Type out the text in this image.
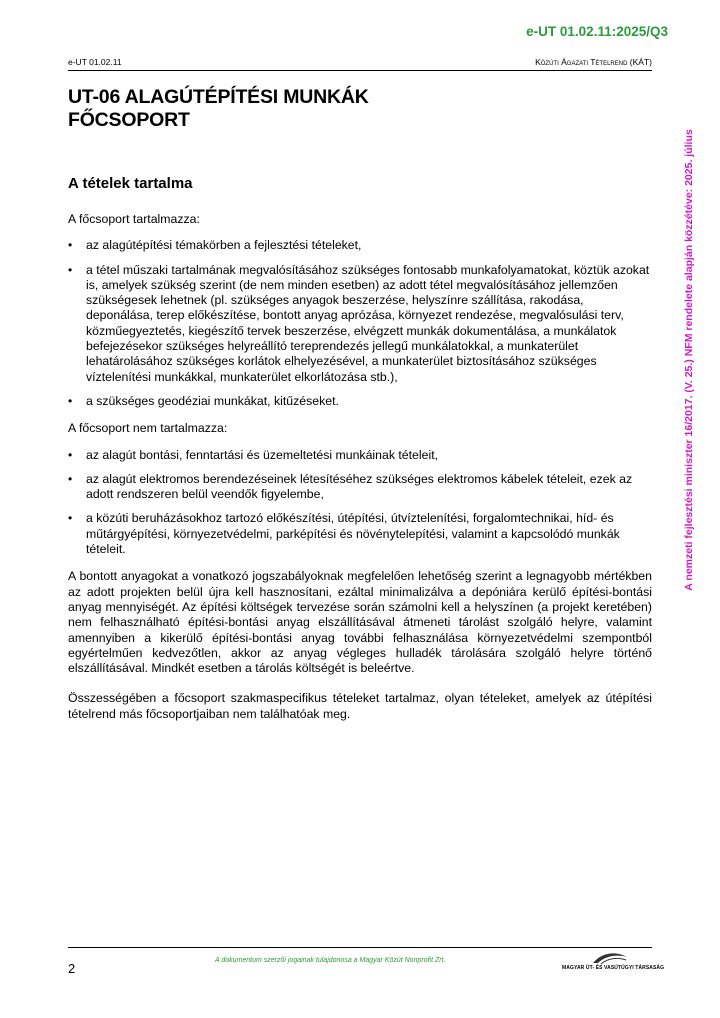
e-UT 01.02.11:2025/Q3
e-UT 01.02.11	Közúti Ágazati Tételrend (KÁT)
UT-06 ALAGÚTÉPÍTÉSI MUNKÁK
FŐCSOPORT
A tételek tartalma

A főcsoport tartalmazza:

• az alagútépítési témakörben a fejlesztési tételeket,
• a tétel műszaki tartalmának megvalósításához szükséges fontosabb munkafolyamatokat, köztük azokat is, amelyek szükség szerint (de nem minden esetben) az adott tétel megvalósításához jellemzően szükségesek lehetnek (pl. szükséges anyagok beszerzése, helyszínre szállítása, rakodása, deponálása, terep előkészítése, bontott anyag aprózása, környezet rendezése, megvalósulási terv, közműegyeztetés, kiegészítő tervek beszerzése, elvégzett munkák dokumentálása, a munkálatok befejezésekor szükséges helyreállító tereprendezés jellegű munkálatokkal, a munkaterület lehatárolásához szükséges korlátok elhelyezésével, a munkaterület biztosításához szükséges víztelenítési munkákkal, munkaterület elkorlátozása stb.),
• a szükséges geodéziai munkákat, kitűzéseket.

A főcsoport nem tartalmazza:

• az alagút bontási, fenntartási és üzemeltetési munkáinak tételeit,
• az alagút elektromos berendezéseinek létesítéséhez szükséges elektromos kábelek tételeit, ezek az adott rendszeren belül veendők figyelembe,
• a közúti beruházásokhoz tartozó előkészítési, útépítési, útvíztelenítési, forgalomtechnikai, híd- és műtárgyépítési, környezetvédelmi, parképítési és növénytelepítési, valamint a kapcsolódó munkák tételeit.

A bontott anyagokat a vonatkozó jogszabályoknak megfelelően lehetőség szerint a legnagyobb mértékben az adott projekten belül újra kell hasznosítani, ezáltal minimalizálva a depóniára kerülő építési-bontási anyag mennyiségét. Az építési költségek tervezése során számolni kell a helyszínen (a projekt keretében) nem felhasználható építési-bontási anyag elszállításával átmeneti tárolást szolgáló helyre, valamint amennyiben a kikerülő építési-bontási anyag további felhasználása környezetvédelmi szempontból egyértelműen kedvezőtlen, akkor az anyag végleges hulladék tárolására szolgáló helyre történő elszállításával. Mindkét esetben a tárolás költségét is beleértve.

Összességében a főcsoport szakmaspecifikus tételeket tartalmaz, olyan tételeket, amelyek az útépítési tételrend más főcsoportjaiban nem találhatóak meg.

A nemzeti fejlesztési miniszter 16/2017. (V. 25.) NFM rendelete alapján közzétéve: 2025. július
2
A dokumentum szerzői jogainak tulajdonosa a Magyar Közút Nonprofit Zrt.
MAGYAR ÚT- ÉS VASÚTÜGYI TÁRSASÁG
